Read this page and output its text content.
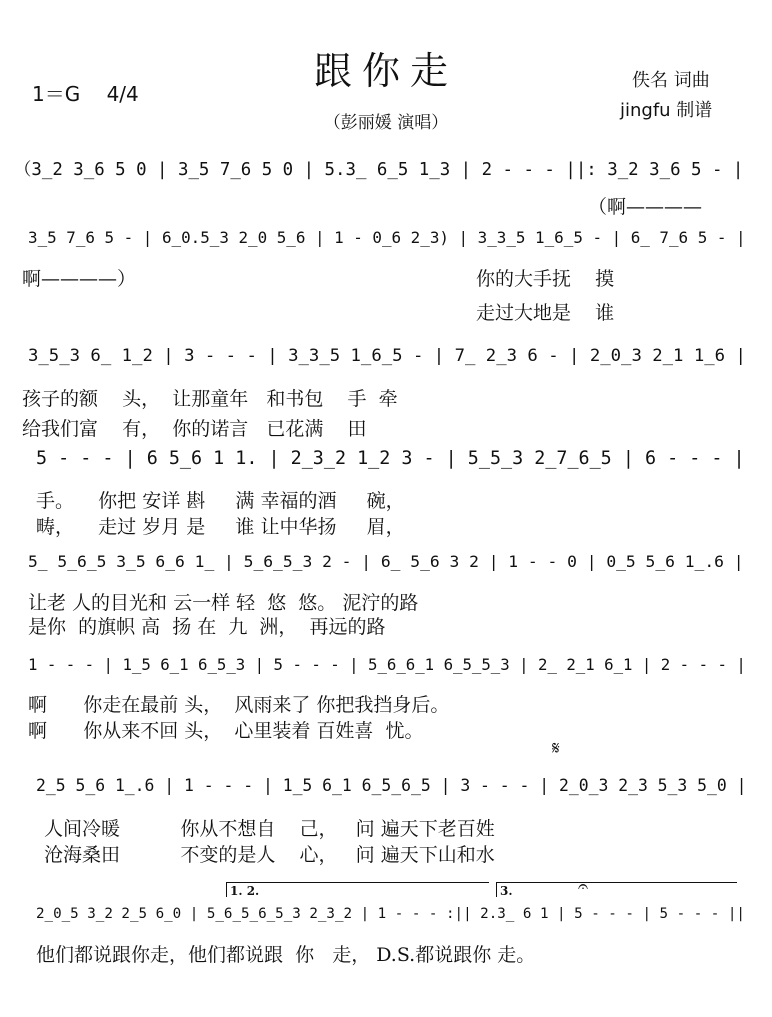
跟你走
1＝G　 4/4
佚名 词曲
jingfu 制谱
（彭丽媛 演唱）
（3̲2 3̲6 5 0 | 3̲5 7̲6 5 0 | 5.3̲ 6̲5 1̲3 | 2 - - - ||: 3̲2 3̲6 5 - |
（啊————
3̲5 7̲6 5 - | 6̲0.5̲3 2̲0 5̲6 | 1 - 0̲6 2̲3) | 3̲3̲5 1̲6̲5 - | 6̲ 7̲6 5 - |
啊————）	你的大手抚    摸
走过大地是    谁
3̲5̲3 6̲ 1̲2 | 3 - - - | 3̲3̲5 1̲6̲5 - | 7̲ 2̲3 6 - | 2̲0̲3 2̲1 1̲6 |
孩子的额    头，  让那童年   和书包    手  牵
给我们富    有，  你的诺言   已花满    田
5 - - - | 6 5̲6 1 1. | 2̲3̲2 1̲2 3 - | 5̲5̲3 2̲7̲6̲5 | 6 - - - |
手。    你把 安详 斟     满 幸福的酒     碗，
畴，    走过 岁月 是     谁 让中华扬     眉，
5̲ 5̲6̲5 3̲5 6̲6 1̲ | 5̲6̲5̲3 2 - | 6̲ 5̲6 3 2 | 1 - - 0 | 0̲5 5̲6 1̲.6 |
让老 人的目光和 云一样 轻  悠  悠。 泥泞的路
是你  的旗帜 高  扬 在  九  洲，  再远的路
1 - - - | 1̲5 6̲1 6̲5̲3 | 5 - - - | 5̲6̲6̲1 6̲5̲5̲3 | 2̲ 2̲1 6̲1 | 2 - - - |
啊      你走在最前 头，  风雨来了 你把我挡身后。
啊      你从来不回 头，  心里装着 百姓喜  忧。
𝄋
2̲5 5̲6 1̲.6 | 1 - - - | 1̲5 6̲1 6̲5̲6̲5 | 3 - - - | 2̲0̲3 2̲3 5̲3 5̲0 |
人间冷暖          你从不想自    己，   问 遍天下老百姓
沧海桑田          不变的是人    心，   问 遍天下山和水
1. 2.	3.	𝄐
2̲0̲5 3̲2 2̲5 6̲0 | 5̲6̲5̲6̲5̲3 2̲3̲2 | 1 - - - :|| 2.3̲ 6 1 | 5 - - - | 5 - - - ||
他们都说跟你走，他们都说跟  你   走， D.S.都说跟你 走。
